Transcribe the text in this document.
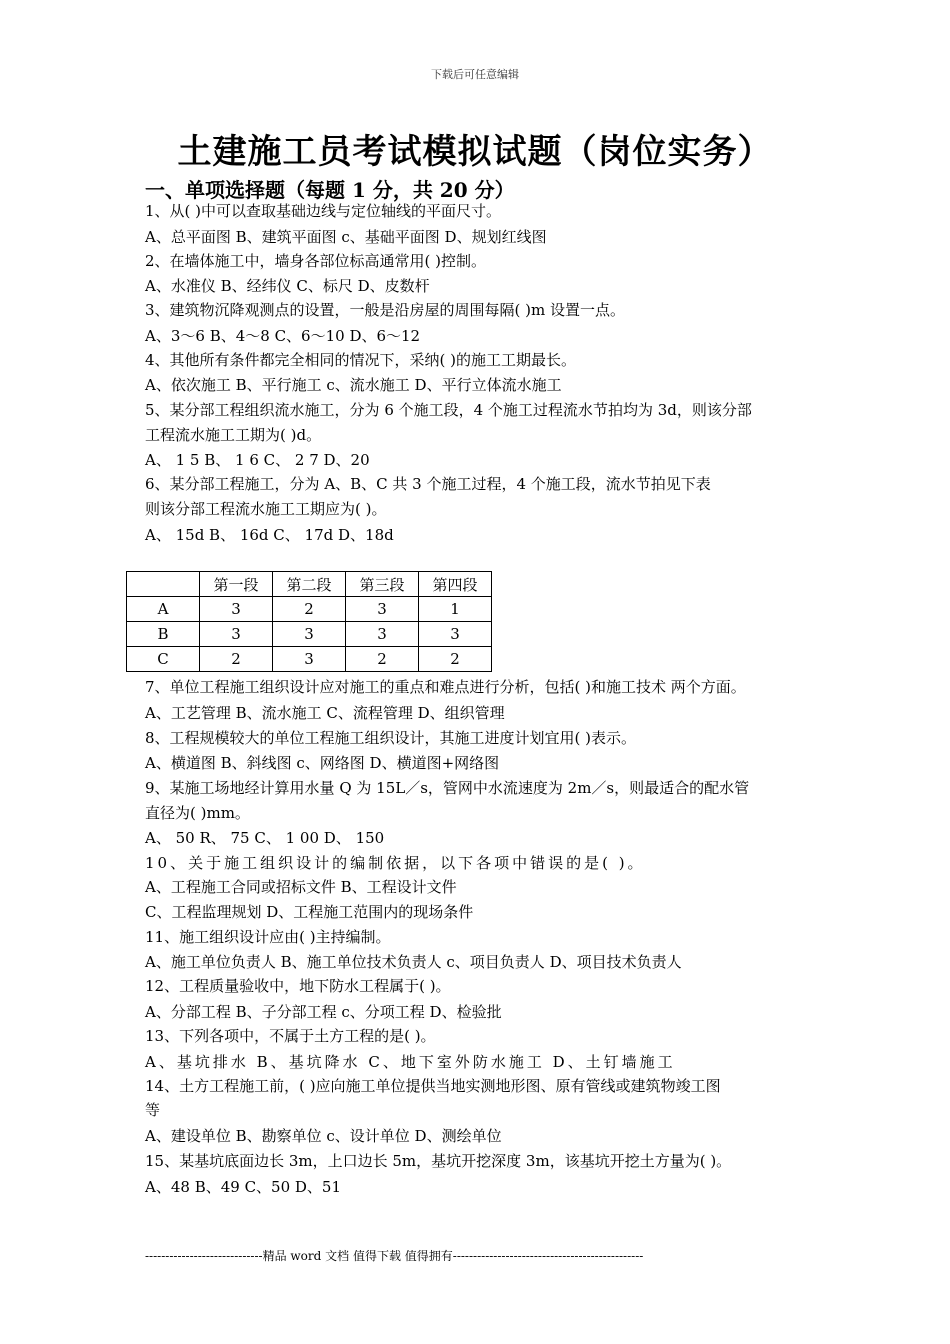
下载后可任意编辑
土建施工员考试模拟试题（岗位实务）
一、单项选择题（每题 1 分，共 20 分）
1、从( )中可以查取基础边线与定位轴线的平面尺寸。
A、总平面图 B、建筑平面图 c、基础平面图 D、规划红线图
2、在墙体施工中，墙身各部位标高通常用( )控制。
A、水准仪 B、经纬仪 C、标尺 D、皮数杆
3、建筑物沉降观测点的设置，一般是沿房屋的周围每隔( )m 设置一点。
A、3～6 B、4～8 C、6～10 D、6～12
4、其他所有条件都完全相同的情况下，采纳( )的施工工期最长。
A、依次施工 B、平行施工 c、流水施工 D、平行立体流水施工
5、某分部工程组织流水施工，分为 6 个施工段，4 个施工过程流水节拍均为 3d，则该分部
工程流水施工工期为( )d。
A、 1 5 B、 1 6 C、 2 7 D、20
6、某分部工程施工，分为 A、B、C 共 3 个施工过程，4 个施工段，流水节拍见下表
则该分部工程流水施工工期应为( )。
A、 15d B、 16d C、 17d D、18d
7、单位工程施工组织设计应对施工的重点和难点进行分析，包括( )和施工技术 两个方面。
A、工艺管理 B、流水施工 C、流程管理 D、组织管理
8、工程规模较大的单位工程施工组织设计，其施工进度计划宜用( )表示。
A、横道图 B、斜线图 c、网络图 D、横道图+网络图
9、某施工场地经计算用水量 Q 为 15L／s，管网中水流速度为 2m／s，则最适合的配水管
直径为( )mm。
A、 50 R、 75 C、 1 00 D、 150
10、关于施工组织设计的编制依据，以下各项中错误的是( )。
A、工程施工合同或招标文件 B、工程设计文件
C、工程监理规划 D、工程施工范围内的现场条件
11、施工组织设计应由( )主持编制。
A、施工单位负责人 B、施工单位技术负责人 c、项目负责人 D、项目技术负责人
12、工程质量验收中，地下防水工程属于( )。
A、分部工程 B、子分部工程 c、分项工程 D、检验批
13、下列各项中，不属于土方工程的是( )。
A、基坑排水 B、基坑降水 C、地下室外防水施工 D、土钉墙施工
14、土方工程施工前，( )应向施工单位提供当地实测地形图、原有管线或建筑物竣工图
等
A、建设单位 B、勘察单位 c、设计单位 D、测绘单位
15、某基坑底面边长 3m，上口边长 5m，基坑开挖深度 3m，该基坑开挖土方量为( )。
A、48 B、49 C、50 D、51
	第一段	第二段	第三段	第四段
A	3	2	3	1
B	3	3	3	3
C	2	3	2	2
-----------------------------精品 word 文档 值得下载 值得拥有-----------------------------------------------
